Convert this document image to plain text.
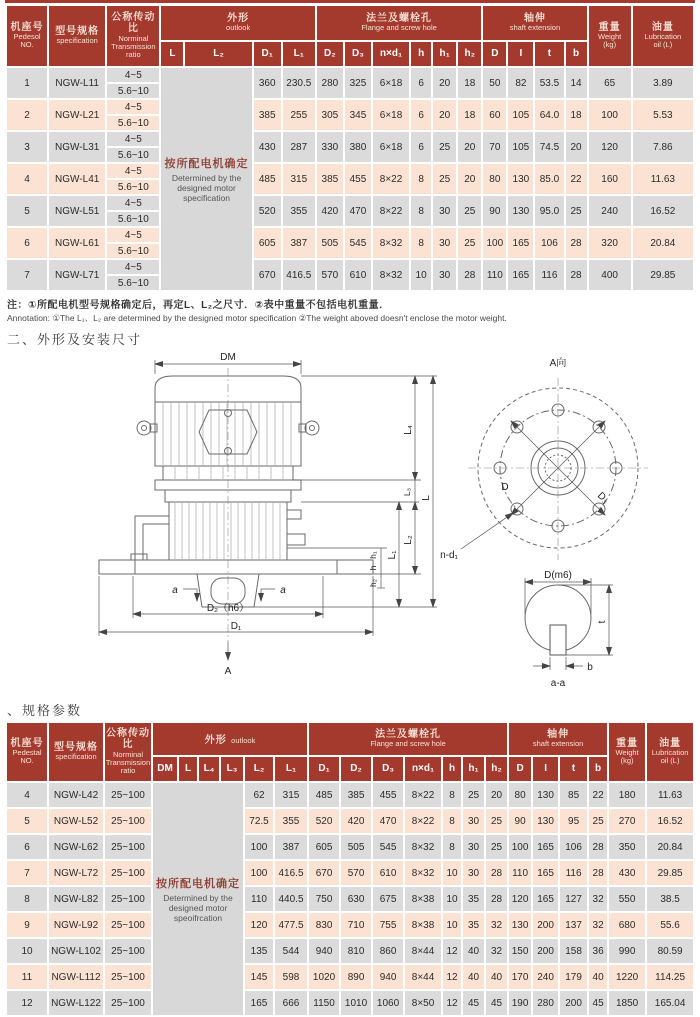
机座号
Pedesol
NO.

型号规格
specification

公称传动比
Norminal
Transmission
ratio

外形
outlook

法兰及螺栓孔
Flange and screw hole

轴伸
shaft extension	重量
Weight
(kg)

油量
Lubrication
oil (L)

			L	L₂	D₁	L₁	D₂	D₃	n×d₁	h	h₁	h₂	D	I	t	b		
1	NGW-L11	4~5	按所配电机确定
Determined by the designed motor specification		360	230.5	280	325	6×18	6	20	18	50	82	53.5	14	65	3.89
		5.6~10																
2	NGW-L21	4~5			385	255	305	345	6×18	6	20	18	60	105	64.0	18	100	5.53
		5.6~10																
3	NGW-L31	4~5			430	287	330	380	6×18	6	25	20	70	105	74.5	20	120	7.86
		5.6~10																
4	NGW-L41	4~5			485	315	385	455	8×22	8	25	20	80	130	85.0	22	160	11.63
		5.6~10																
5	NGW-L51	4~5			520	355	420	470	8×22	8	30	25	90	130	95.0	25	240	16.52
		5.6~10																
6	NGW-L61	4~5			605	387	505	545	8×32	8	30	25	100	165	106	28	320	20.84
		5.6~10																
7	NGW-L71	4~5			670	416.5	570	610	8×32	10	30	28	110	165	116	28	400	29.85
		5.6~10																
注：①所配电机型号规格确定后，再定L、L₂之尺寸．②表中重量不包括电机重量．
Annotation: ①The L₁、L₂ are determined by the designed motor specification ②The weight aboved doesn't enclose the motor weight.
二、外形及安装尺寸
DM
a	a
D₂（h6）
D₁
A
h₁
h
h₂
L₁
L₄
L₃
L₂
L
A向
D₃
D
n-d₁
D(m6)
t
b
a-a
、规格参数
机座号
Pedestal
NO.

型号规格
specification

公称传动比
Norminal
Transmission
ratio
	外形 outlook	
法兰及螺栓孔
Flange and screw hole

轴伸
shaft extension	重量
Weight
(kg)

油量
Lubrication
oil (L)

			DM	L	L₄	L₃	L₂	L₁	D₁	D₂	D₃	n×d₁	h	h₁	h₂	D	I	t	b		
4	NGW-L42	25~100	按所配电机确定
Determined by the designed motor speoifrcation				62	315	485	385	455	8×22	8	25	20	80	130	85	22	180	11.63
5	NGW-L52	25~100					72.5	355	520	420	470	8×22	8	30	25	90	130	95	25	270	16.52
6	NGW-L62	25~100					100	387	605	505	545	8×32	8	30	25	100	165	106	28	350	20.84
7	NGW-L72	25~100					100	416.5	670	570	610	8×32	10	30	28	110	165	116	28	430	29.85
8	NGW-L82	25~100					110	440.5	750	630	675	8×38	10	35	28	120	165	127	32	550	38.5
9	NGW-L92	25~100					120	477.5	830	710	755	8×38	10	35	32	130	200	137	32	680	55.6
10	NGW-L102	25~100					135	544	940	810	860	8×44	12	40	32	150	200	158	36	990	80.59
11	NGW-L112	25~100					145	598	1020	890	940	8×44	12	40	40	170	240	179	40	1220	114.25
12	NGW-L122	25~100					165	666	1150	1010	1060	8×50	12	45	45	190	280	200	45	1850	165.04
